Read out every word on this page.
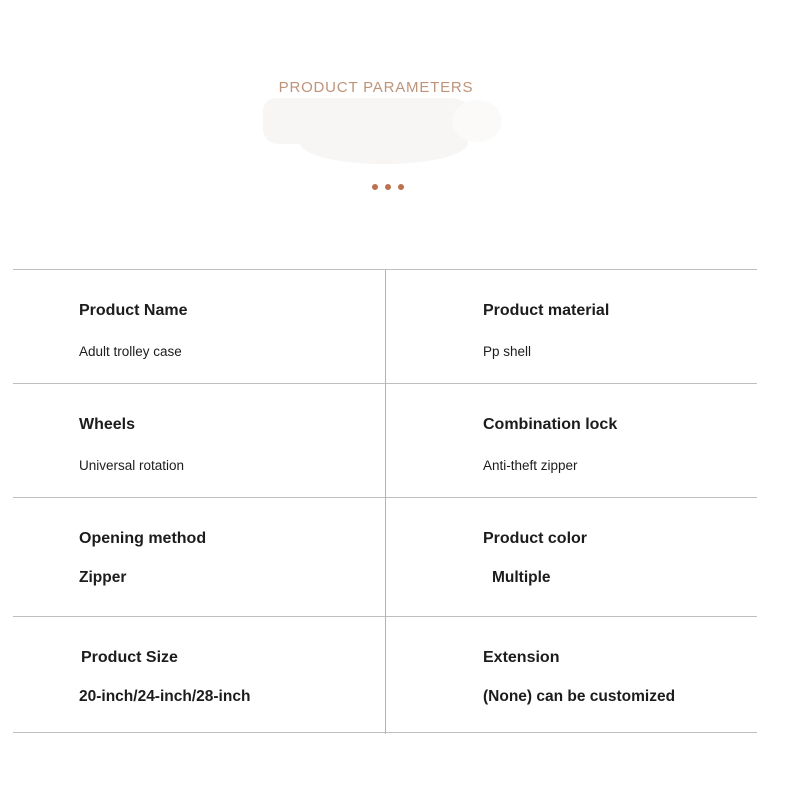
PRODUCT PARAMETERS
Product Name
Adult trolley case
Product material
Pp shell
Wheels
Universal rotation
Combination lock
Anti-theft zipper
Opening method
Zipper
Product color
Multiple
Product Size
20-inch/24-inch/28-inch
Extension
(None) can be customized
